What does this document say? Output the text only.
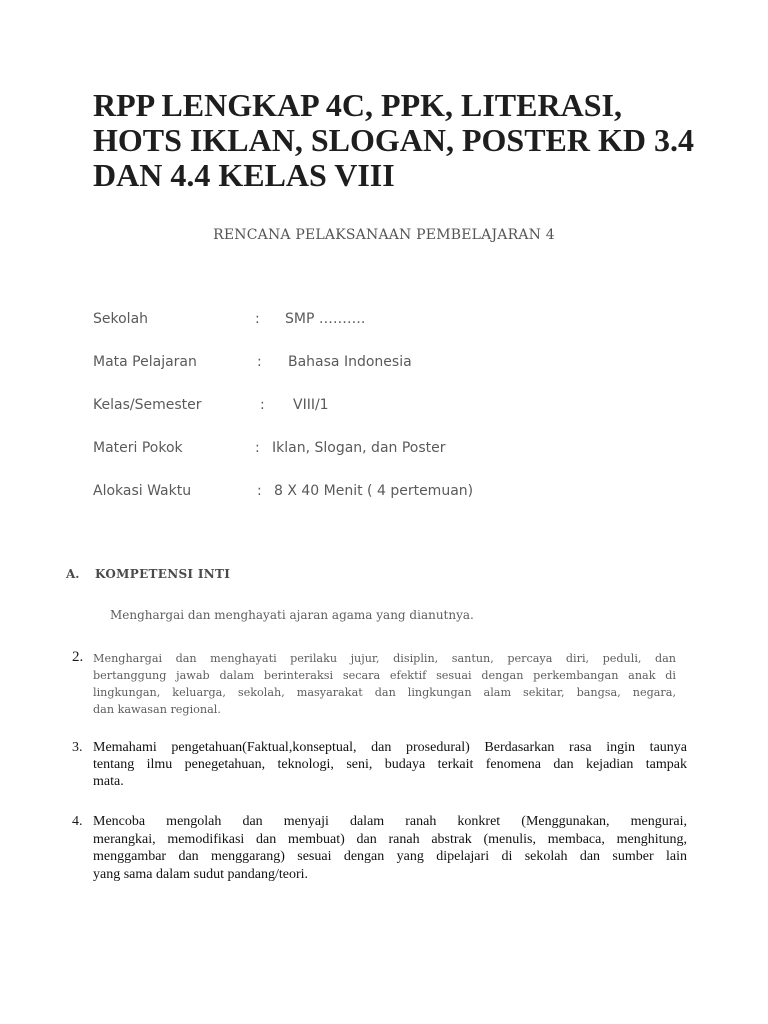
RPP LENGKAP 4C, PPK, LITERASI,
HOTS IKLAN, SLOGAN, POSTER KD 3.4
DAN 4.4 KELAS VIII
RENCANA PELAKSANAAN PEMBELAJARAN 4
Sekolah	: SMP ……….
Mata Pelajaran	: Bahasa Indonesia
Kelas/Semester	: VIII/1
Materi Pokok	: Iklan, Slogan, dan Poster
Alokasi Waktu	: 8 X 40 Menit ( 4 pertemuan)
A. KOMPETENSI INTI
Menghargai dan menghayati ajaran agama yang dianutnya.
2. Menghargai dan menghayati perilaku jujur, disiplin, santun, percaya diri, peduli, dan
bertanggung jawab dalam berinteraksi secara efektif sesuai dengan perkembangan anak di
lingkungan, keluarga, sekolah, masyarakat dan lingkungan alam sekitar, bangsa, negara,
dan kawasan regional.
3. Memahami pengetahuan(Faktual,konseptual, dan prosedural) Berdasarkan rasa ingin taunya
tentang ilmu penegetahuan, teknologi, seni, budaya terkait fenomena dan kejadian tampak
mata.
4. Mencoba mengolah dan menyaji dalam ranah konkret (Menggunakan, mengurai,
merangkai, memodifikasi dan membuat) dan ranah abstrak (menulis, membaca, menghitung,
menggambar dan menggarang) sesuai dengan yang dipelajari di sekolah dan sumber lain
yang sama dalam sudut pandang/teori.
